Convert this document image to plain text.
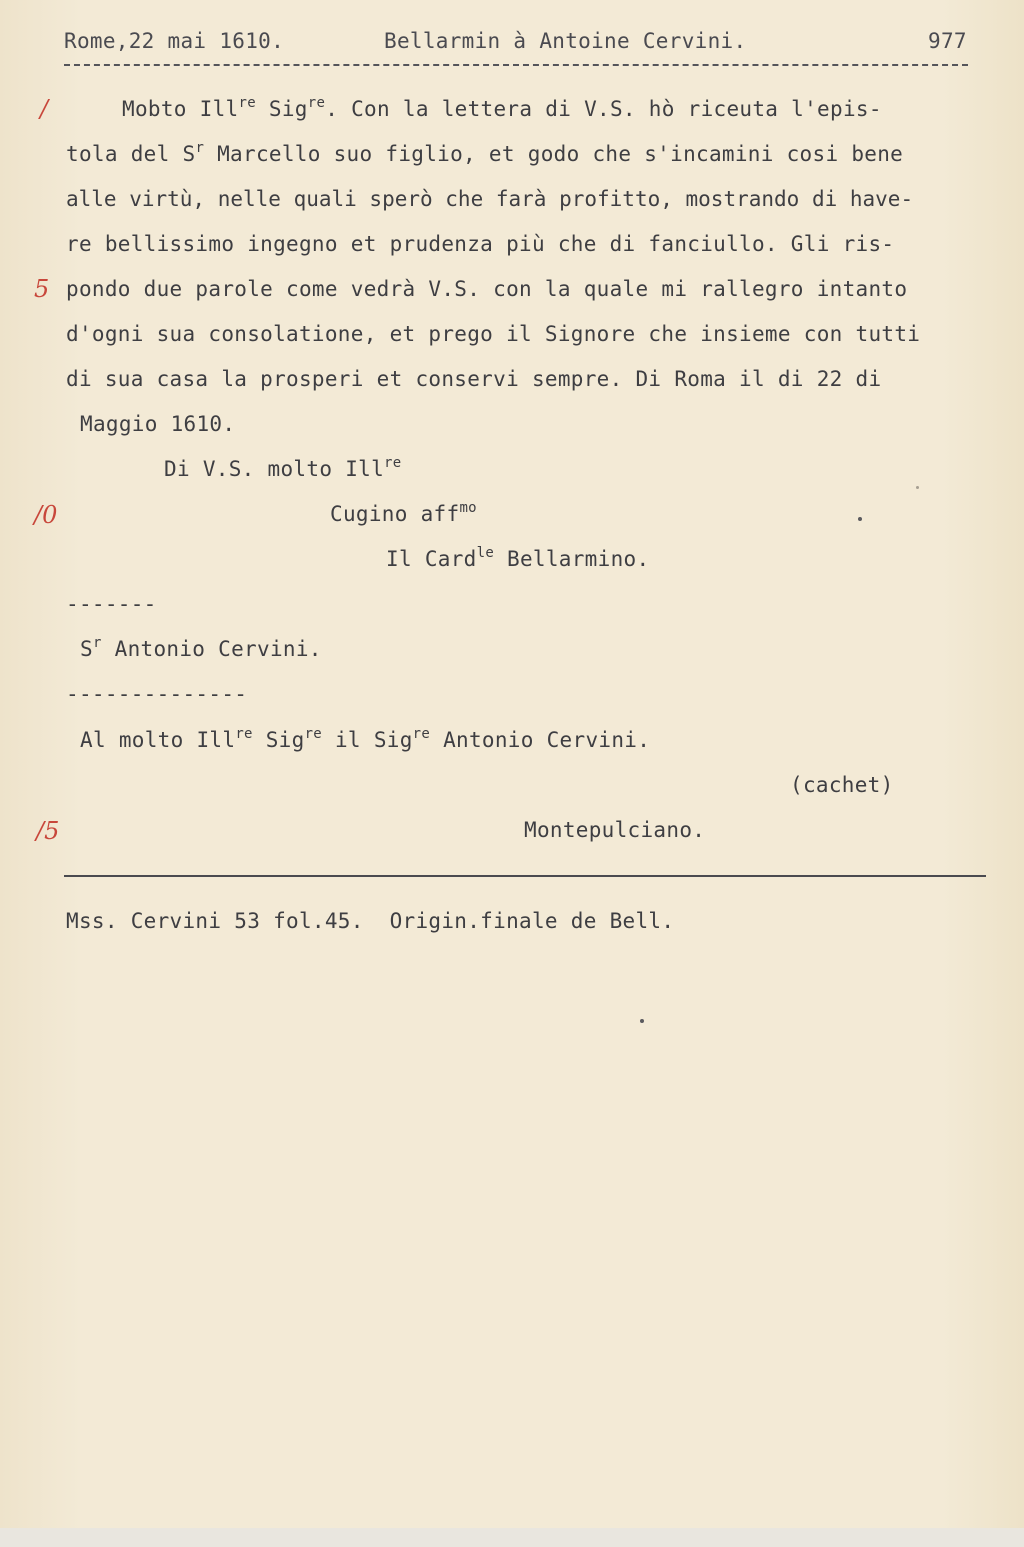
Rome,22 mai 1610.	Bellarmin à Antoine Cervini.	977
/
5
/0
/5
Mobto Ill$^{re}$ Sig$^{re}$. Con la lettera di V.S. hò riceuta l'epis-
tola del $S^r$ Marcello suo figlio, et godo che s'incamini cosi bene
alle virtù, nelle quali sperò che farà profitto, mostrando di have-
re bellissimo ingegno et prudenza più che di fanciullo. Gli ris-
pondo due parole come vedrà V.S. con la quale mi rallegro intanto
d'ogni sua consolatione, et prego il Signore che insieme con tutti
di sua casa la prosperi et conservi sempre. Di Roma il di 22 di
Maggio 1610.
Di V.S. molto Ill$^{re}$
Cugino aff$^{mo}$
Il Card$^{le}$ Bellarmino.
-------
$S^r$ Antonio Cervini.
--------------
Al molto Ill$^{re}$ Sig$^{re}$ il Sig$^{re}$ Antonio Cervini.
(cachet)
Montepulciano.
Mss. Cervini 53 fol.45.  Origin.finale de Bell.
